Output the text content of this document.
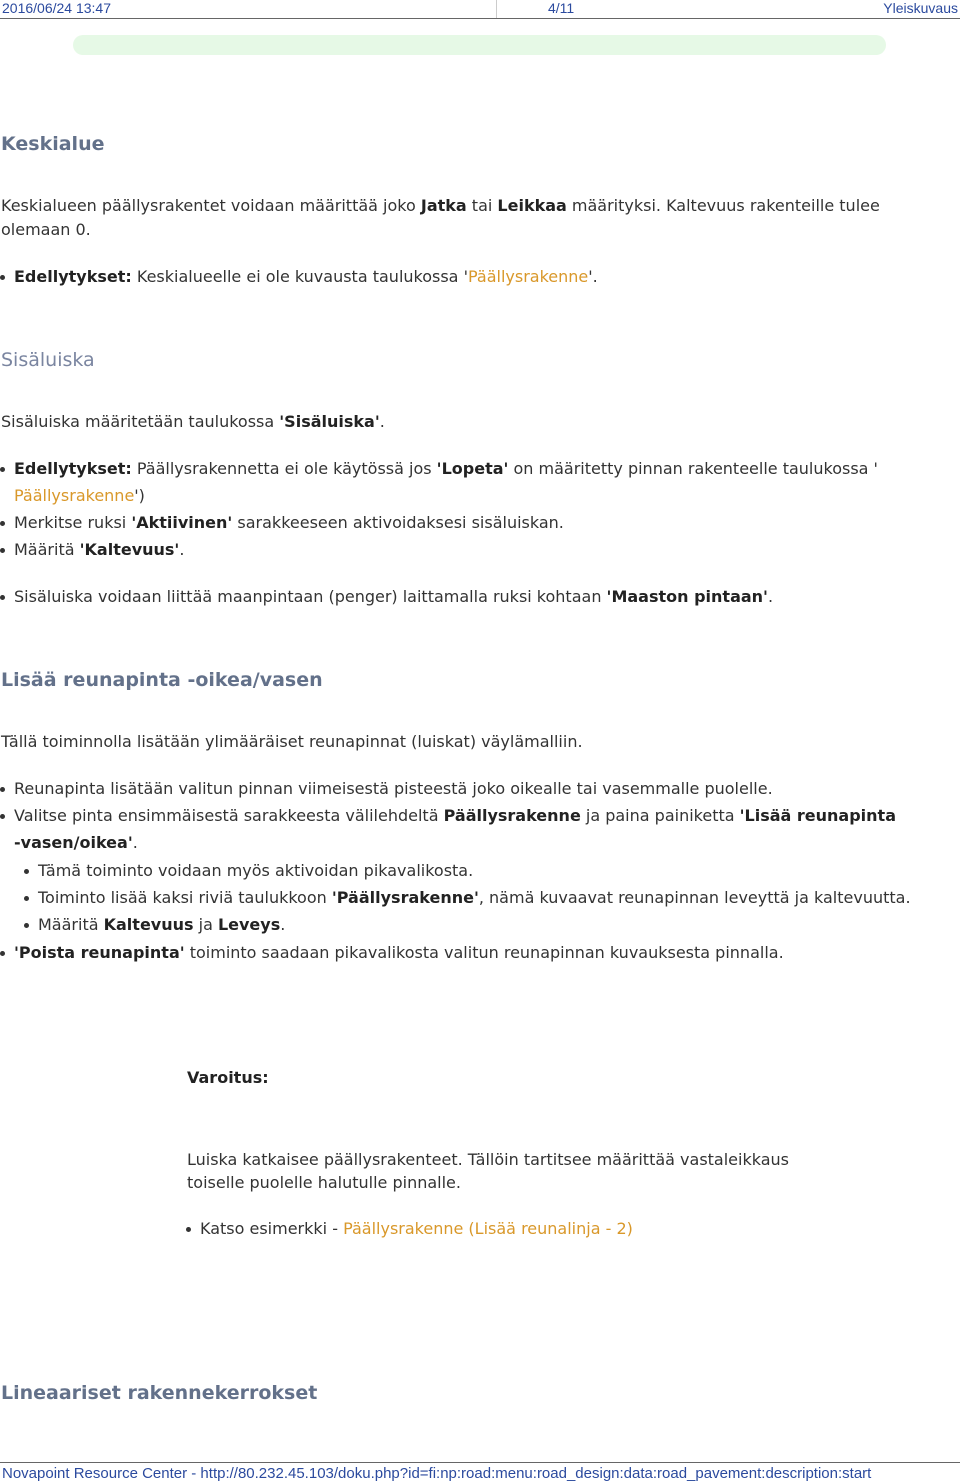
2016/06/24 13:47	4/11	Yleiskuvaus
Keskialue

Keskialueen päällysrakentet voidaan määrittää joko Jatka tai Leikkaa määrityksi. Kaltevuus rakenteille tulee

olemaan 0.

Edellytykset: Keskialueelle ei ole kuvausta taulukossa 'Päällysrakenne'.
Sisäluiska

Sisäluiska määritetään taulukossa 'Sisäluiska'.

Edellytykset: Päällysrakennetta ei ole käytössä jos 'Lopeta' on määritetty pinnan rakenteelle taulukossa '
Päällysrakenne')
Merkitse ruksi 'Aktiivinen' sarakkeeseen aktivoidaksesi sisäluiskan.
Määritä 'Kaltevuus'.
Sisäluiska voidaan liittää maanpintaan (penger) laittamalla ruksi kohtaan 'Maaston pintaan'.
Lisää reunapinta -oikea/vasen

Tällä toiminnolla lisätään ylimääräiset reunapinnat (luiskat) väylämalliin.

Reunapinta lisätään valitun pinnan viimeisestä pisteestä joko oikealle tai vasemmalle puolelle.
Valitse pinta ensimmäisestä sarakkeesta välilehdeltä Päällysrakenne ja paina painiketta 'Lisää reunapinta
-vasen/oikea'.
Tämä toiminto voidaan myös aktivoidan pikavalikosta.
Toiminto lisää kaksi riviä taulukkoon 'Päällysrakenne', nämä kuvaavat reunapinnan leveyttä ja kaltevuutta.
Määritä Kaltevuus ja Leveys.
'Poista reunapinta' toiminto saadaan pikavalikosta valitun reunapinnan kuvauksesta pinnalla.

Varoitus:

Luiska katkaisee päällysrakenteet. Tällöin tartitsee määrittää vastaleikkaus

toiselle puolelle halutulle pinnalle.

Katso esimerkki - Päällysrakenne (Lisää reunalinja - 2)
Lineaariset rakennekerrokset
Novapoint Resource Center - http://80.232.45.103/doku.php?id=fi:np:road:menu:road_design:data:road_pavement:description:start
